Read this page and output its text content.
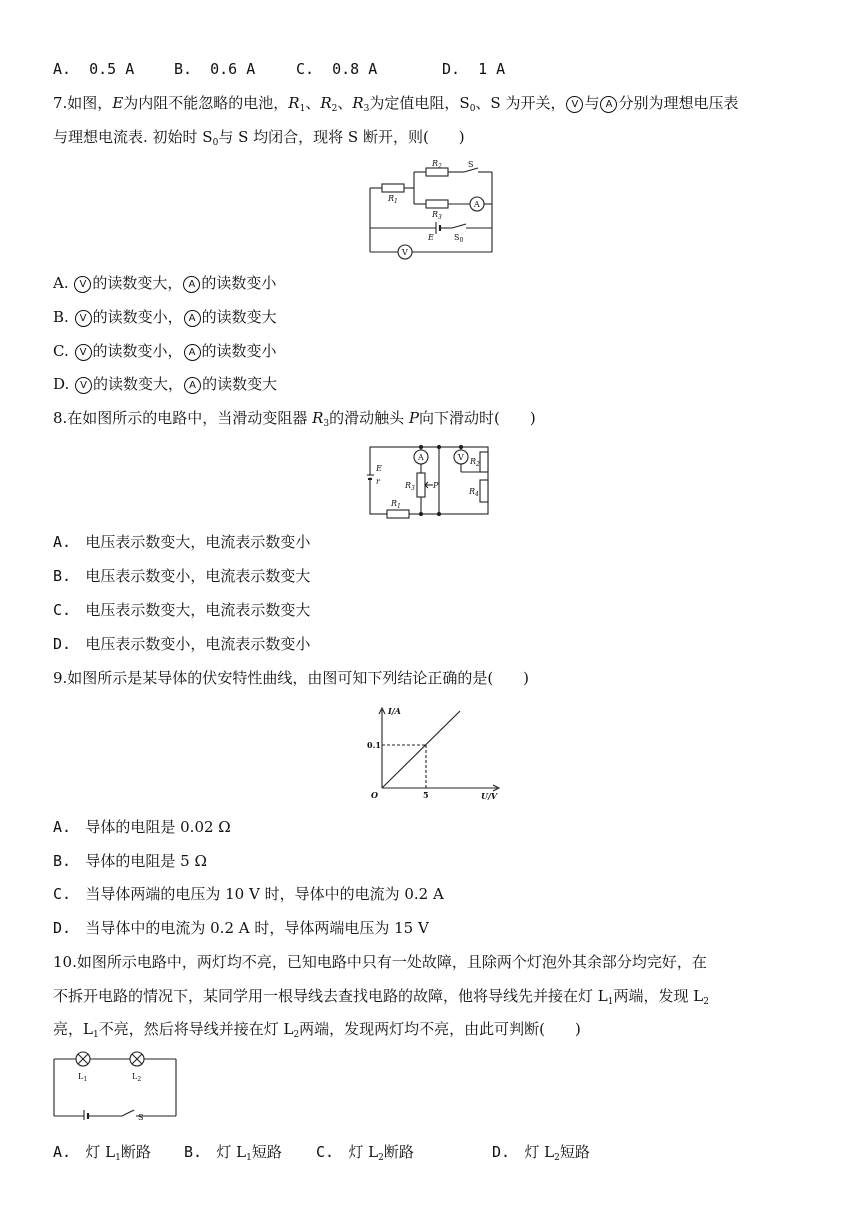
A. 0.5 A	B. 0.6 A	C. 0.8 A	D. 1 A
7.如图，E为内阻不能忽略的电池，$R_1$、$R_2$、$R_3$为定值电阻，$S_0$、S 为开关， V 与 A 分别为理想电压表
与理想电流表. 初始时 $S_0$与 S 均闭合，现将 S 断开，则(　　)
$R_1$
$R_2$
$R_3$
S
E	$S_0$
A
V
A. V 的读数变大， A 的读数变小
B. V 的读数变小， A 的读数变大
C. V 的读数变小， A 的读数变小
D. V 的读数变大， A 的读数变大
8.在如图所示的电路中，当滑动变阻器 $R_3$的滑动触头 P向下滑动时(　　)
E
r
$R_1$
$R_3$ P
$R_2$
$R_4$
A	V
A. 电压表示数变大，电流表示数变小
B. 电压表示数变小，电流表示数变大
C. 电压表示数变大，电流表示数变大
D. 电压表示数变小，电流表示数变小
9.如图所示是某导体的伏安特性曲线，由图可知下列结论正确的是(　　)
I/A
U/V
O
0.1
5
A. 导体的电阻是 0.02 Ω
B. 导体的电阻是 5 Ω
C. 当导体两端的电压为 10 V 时，导体中的电流为 0.2 A
D. 当导体中的电流为 0.2 A 时，导体两端电压为 15 V
10.如图所示电路中，两灯均不亮，已知电路中只有一处故障，且除两个灯泡外其余部分均完好，在
不拆开电路的情况下，某同学用一根导线去查找电路的故障，他将导线先并接在灯 $L_1$两端，发现 $L_2$
亮，$L_1$不亮，然后将导线并接在灯 $L_2$两端，发现两灯均不亮，由此可判断(　　)
$L_1$	$L_2$
S
A. 灯 $L_1$断路 B. 灯 $L_1$短路 C. 灯 $L_2$断路	D. 灯 $L_2$短路
